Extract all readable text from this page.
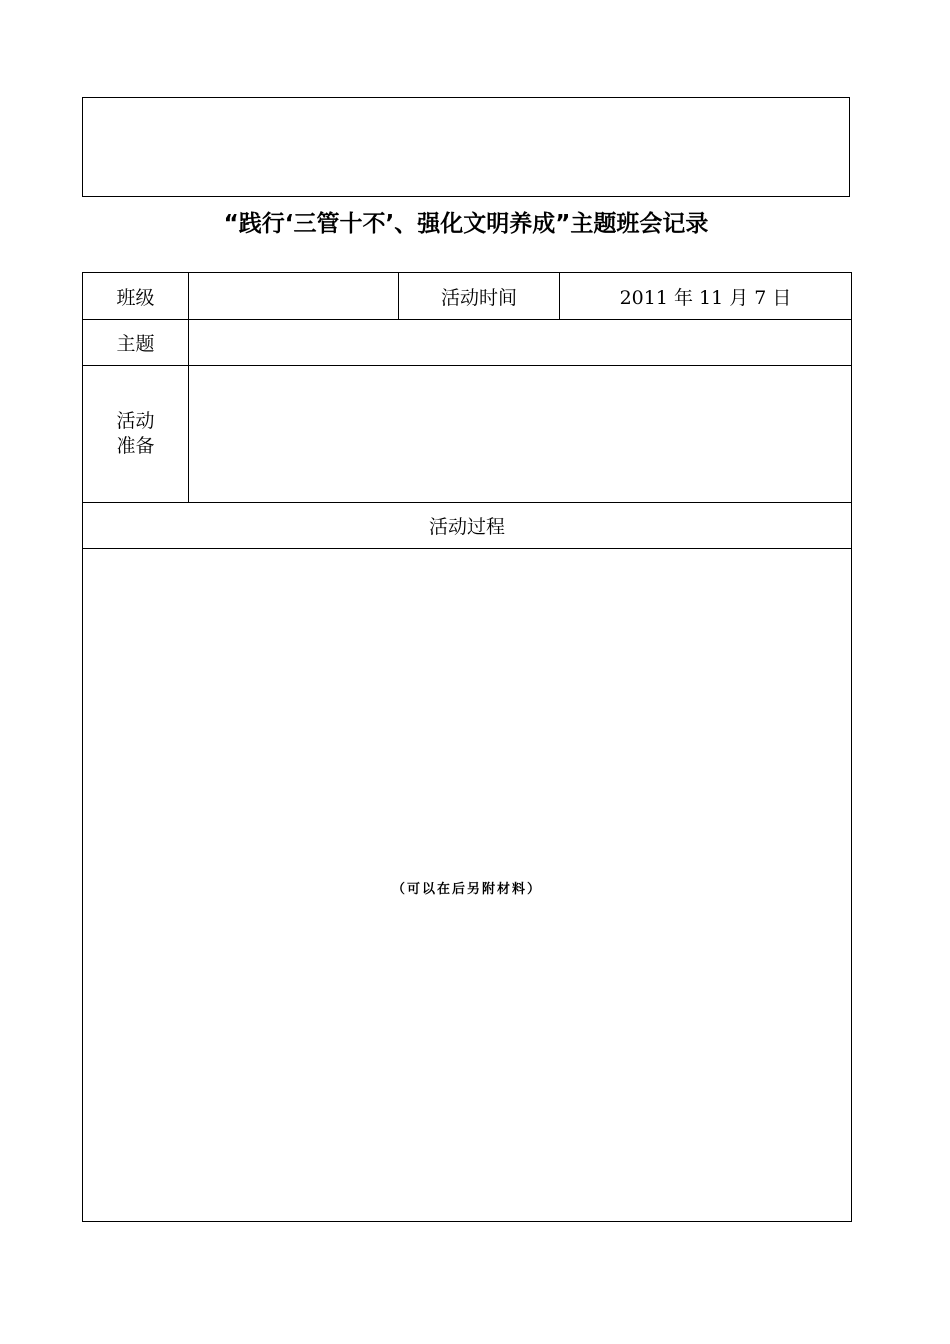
“践行‘三管十不’、强化文明养成”主题班会记录
班级		活动时间	2011 年 11 月 7 日
主题			
活动准备			
活动过程			

（可以在后另附材料）			
